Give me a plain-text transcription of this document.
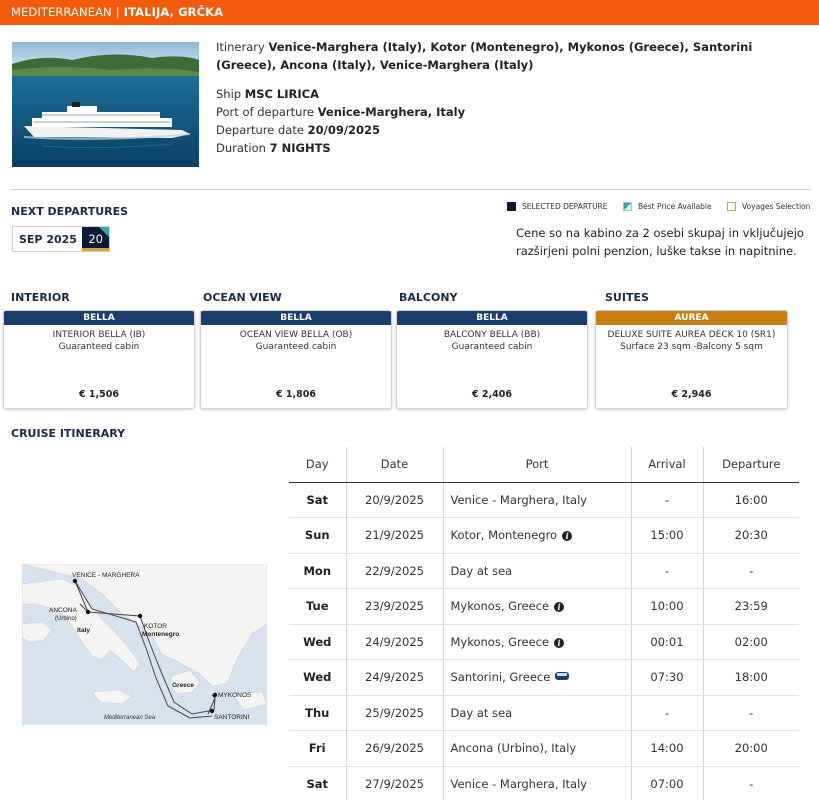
MEDITERRANEAN | ITALIJA, GRČKA
Itinerary Venice-Marghera (Italy), Kotor (Montenegro), Mykonos (Greece), Santorini (Greece), Ancona (Italy), Venice-Marghera (Italy)
Ship MSC LIRICA
Port of departure Venice-Marghera, Italy
Departure date 20/09/2025
Duration 7 NIGHTS
NEXT DEPARTURES
SEP 2025 20
SELECTED DEPARTURE	Best Price Available	Voyages Selection
Cene so na kabino za 2 osebi skupaj in vključujejo razširjeni polni penzion, luške takse in napitnine.
INTERIOR	OCEAN VIEW	BALCONY	SUITES
BELLA
INTERIOR BELLA (IB)
Guaranteed cabin
€ 1,506
BELLA
OCEAN VIEW BELLA (OB)
Guaranteed cabin
€ 1,806
BELLA
BALCONY BELLA (BB)
Guaranteed cabin
€ 2,406
AUREA
DELUXE SUITE AUREA DECK 10 (SR1)
Surface 23 sqm -Balcony 5 sqm
€ 2,946
CRUISE ITINERARY
VENICE - MARGHERA
ANCONA
(Urbino)
Italy
KOTOR
Montenegro
Greece
MYKONOS
SANTORINI
Mediterranean Sea
Day	Date	Port	Arrival	Departure
Sat	20/9/2025	Venice - Marghera, Italy	-	16:00
Sun	21/9/2025	Kotor, Montenegro i	15:00	20:30
Mon	22/9/2025	Day at sea	-	-
Tue	23/9/2025	Mykonos, Greece i	10:00	23:59
Wed	24/9/2025	Mykonos, Greece i	00:01	02:00
Wed	24/9/2025	Santorini, Greece	07:30	18:00
Thu	25/9/2025	Day at sea	-	-
Fri	26/9/2025	Ancona (Urbino), Italy	14:00	20:00
Sat	27/9/2025	Venice - Marghera, Italy	07:00	-
